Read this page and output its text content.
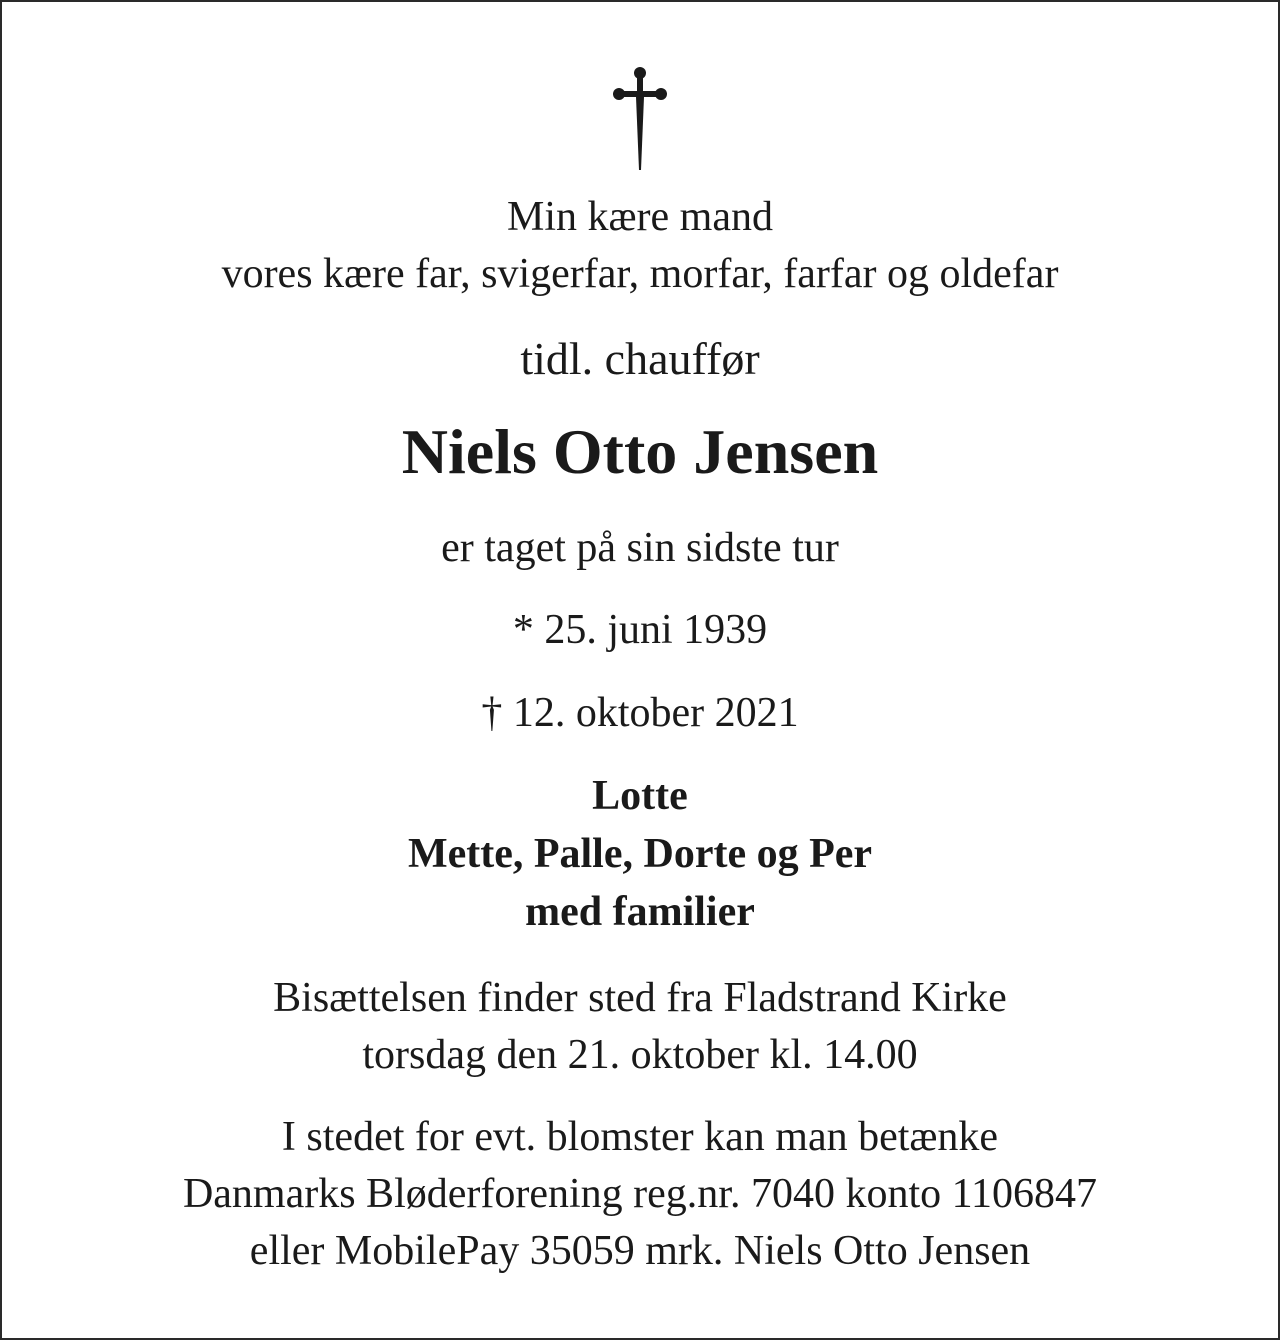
Min kære mand
vores kære far, svigerfar, morfar, farfar og oldefar
tidl. chauffør
Niels Otto Jensen
er taget på sin sidste tur
* 25. juni 1939
† 12. oktober 2021
Lotte
Mette, Palle, Dorte og Per
med familier
Bisættelsen finder sted fra Fladstrand Kirke
torsdag den 21. oktober kl. 14.00
I stedet for evt. blomster kan man betænke
Danmarks Bløderforening reg.nr. 7040 konto 1106847
eller MobilePay 35059 mrk. Niels Otto Jensen
